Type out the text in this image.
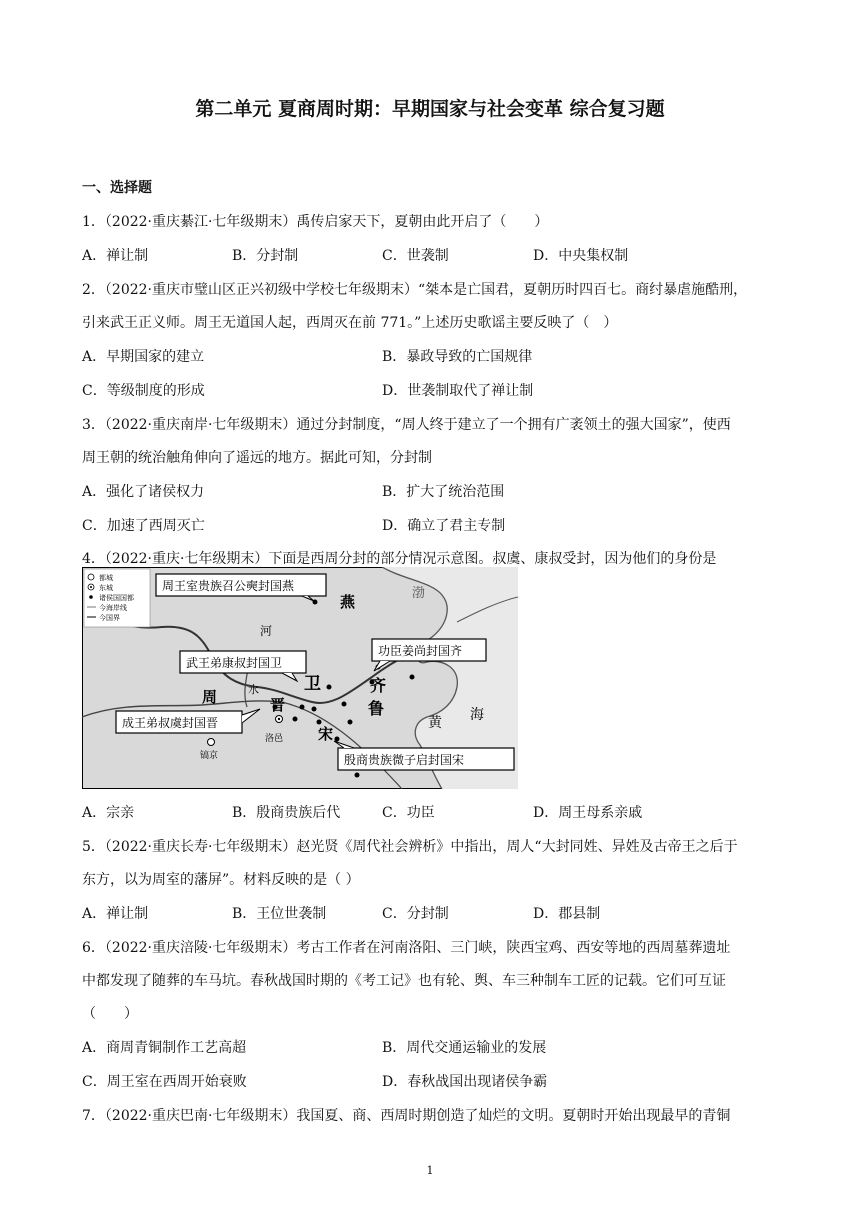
第二单元 夏商周时期：早期国家与社会变革 综合复习题
一、选择题
1．（2022·重庆綦江·七年级期末）禹传启家天下，夏朝由此开启了（　　）
A．禅让制	B．分封制	C．世袭制	D．中央集权制
2．（2022·重庆市璧山区正兴初级中学校七年级期末）“桀本是亡国君，夏朝历时四百七。商纣暴虐施酷刑，
引来武王正义师。周王无道国人起，西周灭在前 771。”上述历史歌谣主要反映了（　）
A．早期国家的建立	B．暴政导致的亡国规律
C．等级制度的形成	D．世袭制取代了禅让制
3．（2022·重庆南岸·七年级期末）通过分封制度，“周人终于建立了一个拥有广袤领土的强大国家”，使西
周王朝的统治触角伸向了遥远的地方。据此可知，分封制
A．强化了诸侯权力	B．扩大了统治范围
C．加速了西周灭亡	D．确立了君主专制
4．（2022·重庆·七年级期末）下面是西周分封的部分情况示意图。叔虞、康叔受封，因为他们的身份是
都城
东城
诸侯国国都
今海岸线
今国界
燕	渤
河
卫	齐
鲁
黄 海
周	水
晋
宋
洛邑
镐京
周王室贵族召公奭封国燕
武王弟康叔封国卫
功臣姜尚封国齐
成王弟叔虞封国晋
殷商贵族微子启封国宋
A．宗亲	B．殷商贵族后代	C．功臣	D．周王母系亲戚
5．（2022·重庆长寿·七年级期末）赵光贤《周代社会辨析》中指出，周人“大封同姓、异姓及古帝王之后于
东方，以为周室的藩屏”。材料反映的是（ ）
A．禅让制	B．王位世袭制	C．分封制	D．郡县制
6．（2022·重庆涪陵·七年级期末）考古工作者在河南洛阳、三门峡，陕西宝鸡、西安等地的西周墓葬遗址
中都发现了随葬的车马坑。春秋战国时期的《考工记》也有轮、舆、车三种制车工匠的记载。它们可互证
（　　）
A．商周青铜制作工艺高超	B．周代交通运输业的发展
C．周王室在西周开始衰败	D．春秋战国出现诸侯争霸
7．（2022·重庆巴南·七年级期末）我国夏、商、西周时期创造了灿烂的文明。夏朝时开始出现最早的青铜
1
